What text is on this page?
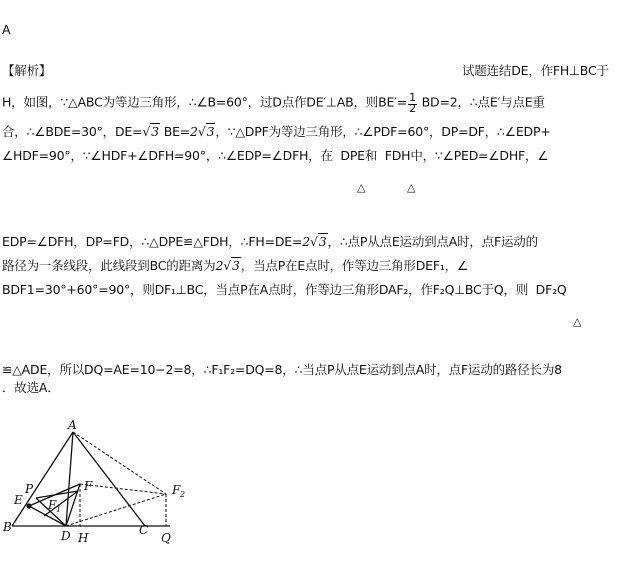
A
【解析】	试题连结DE，作FH⊥BC于
H，如图，∵△ABC为等边三角形，∴∠B=60°，过D点作DE′⊥AB，则$BE'=\frac{1}{2} BD=2$，∴点E′与点E重
合，∴∠BDE=30°，DE=√3 BE=2√3，∵△DPF为等边三角形，∴∠PDF=60°，DP=DF，∴∠EDP+
∠HDF=90°，∵∠HDF+∠DFH=90°，∴∠EDP=∠DFH，在  DPE和  FDH中，∵∠PED=∠DHF，∠
△	△
EDP=∠DFH，DP=FD，∴△DPE≌△FDH，∴FH=DE=2√3，∴点P从点E运动到点A时，点F运动的
路径为一条线段，此线段到BC的距离为2√3，当点P在E点时，作等边三角形DEF₁，∠
BDF1=30°+60°=90°，则DF₁⊥BC，当点P在A点时，作等边三角形DAF₂，作F₂Q⊥BC于Q，则  DF₂Q
△
≌△ADE，所以DQ=AE=10−2=8，∴F₁F₂=DQ=8，∴当点P从点E运动到点A时，点F运动的路径长为8
．故选A．
A
B	C
D
E
F
F 1
F 2
H
P
Q
